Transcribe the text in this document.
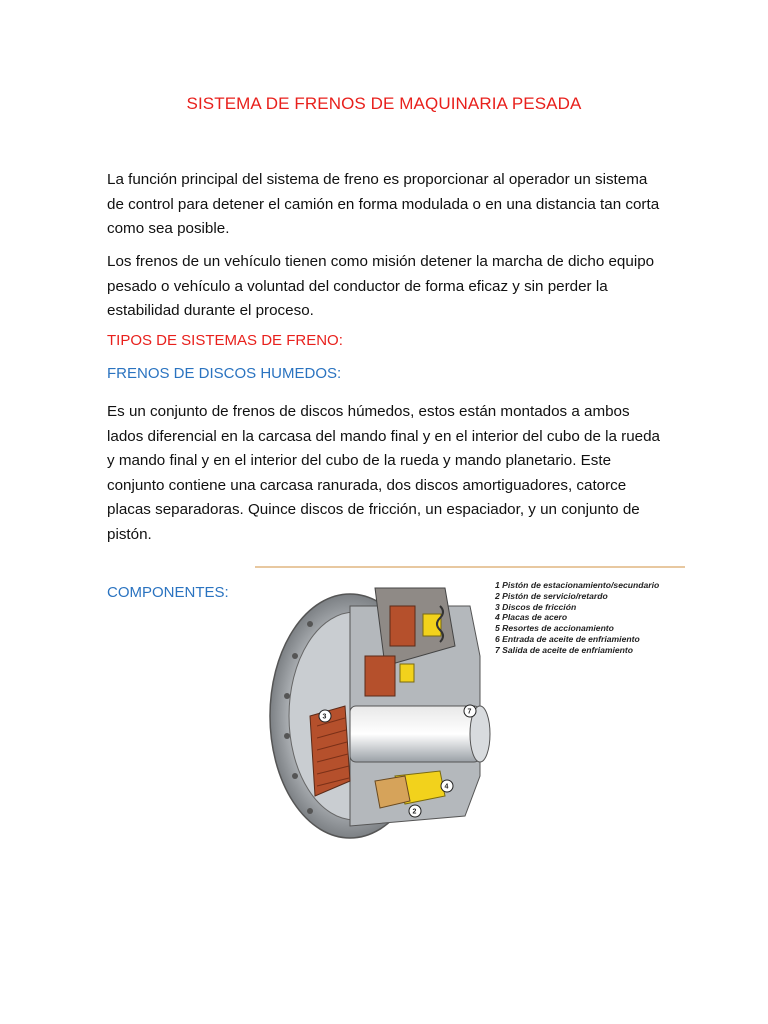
SISTEMA DE FRENOS DE MAQUINARIA PESADA
La función principal del sistema de freno es proporcionar al operador un sistema de control para detener el camión en forma modulada o en una distancia tan corta como sea posible.
Los frenos de un vehículo tienen como misión detener la marcha de dicho equipo pesado o vehículo a voluntad del conductor de forma eficaz y sin perder la estabilidad durante el proceso.
TIPOS DE SISTEMAS DE FRENO:
FRENOS DE DISCOS HUMEDOS:
Es un conjunto de frenos de discos húmedos, estos están montados a ambos lados diferencial en la carcasa del mando final y en el interior del cubo de la rueda y mando final y en el interior del cubo de la rueda y mando planetario. Este conjunto contiene una carcasa ranurada, dos discos amortiguadores, catorce placas separadoras. Quince discos de fricción, un espaciador, y un conjunto de pistón.
COMPONENTES:
3
7
4
2
1 Pistón de estacionamiento/secundario
2 Pistón de servicio/retardo
3 Discos de fricción
4 Placas de acero
5 Resortes de accionamiento
6 Entrada de aceite de enfriamiento
7 Salida de aceite de enfriamiento
